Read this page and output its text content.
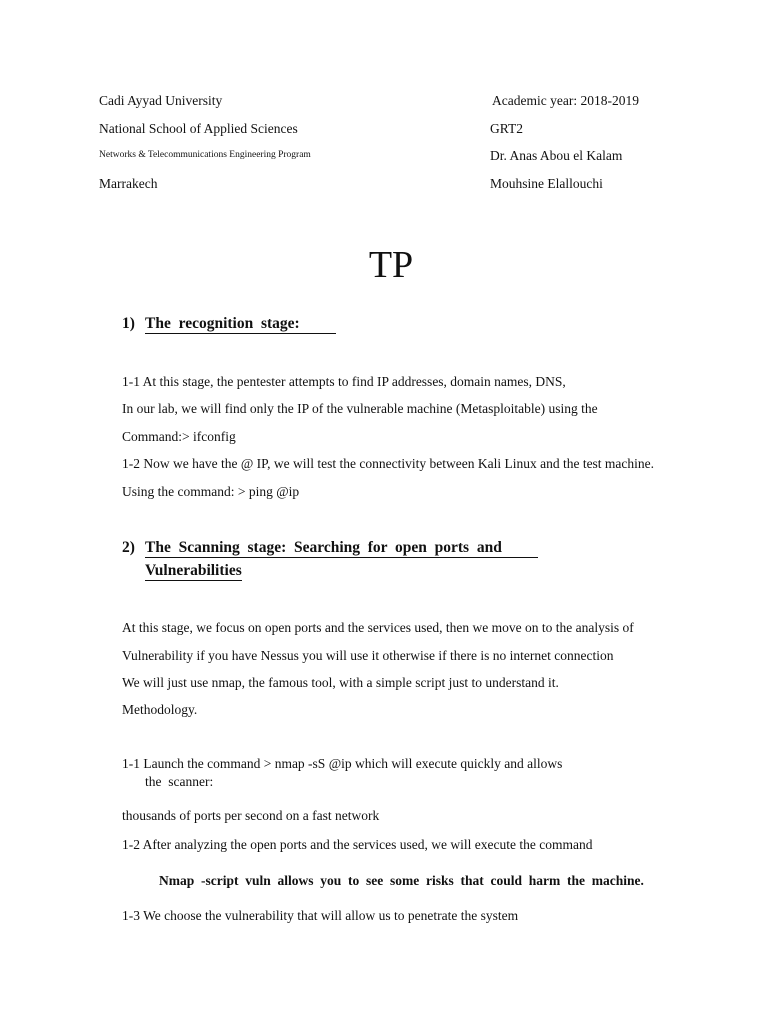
Cadi Ayyad University
National School of Applied Sciences
Networks & Telecommunications Engineering Program
Marrakech
Academic year: 2018-2019
GRT2
Dr. Anas Abou el Kalam
Mouhsine Elallouchi
TP
1) The  recognition  stage:
1-1 At this stage, the pentester attempts to find IP addresses, domain names, DNS,
In our lab, we will find only the IP of the vulnerable machine (Metasploitable) using the
Command:> ifconfig
1-2 Now we have the @ IP, we will test the connectivity between Kali Linux and the test machine.
Using the command: > ping @ip
2) The  Scanning  stage:  Searching  for  open  ports  and
Vulnerabilities
At this stage, we focus on open ports and the services used, then we move on to the analysis of
Vulnerability if you have Nessus you will use it otherwise if there is no internet connection
We will just use nmap, the famous tool, with a simple script just to understand it.
Methodology.
1-1 Launch the command > nmap -sS @ip which will execute quickly and allows
the  scanner:
thousands of ports per second on a fast network
1-2 After analyzing the open ports and the services used, we will execute the command
Nmap  -script  vuln  allows  you  to  see  some  risks  that  could  harm  the  machine.
1-3 We choose the vulnerability that will allow us to penetrate the system
